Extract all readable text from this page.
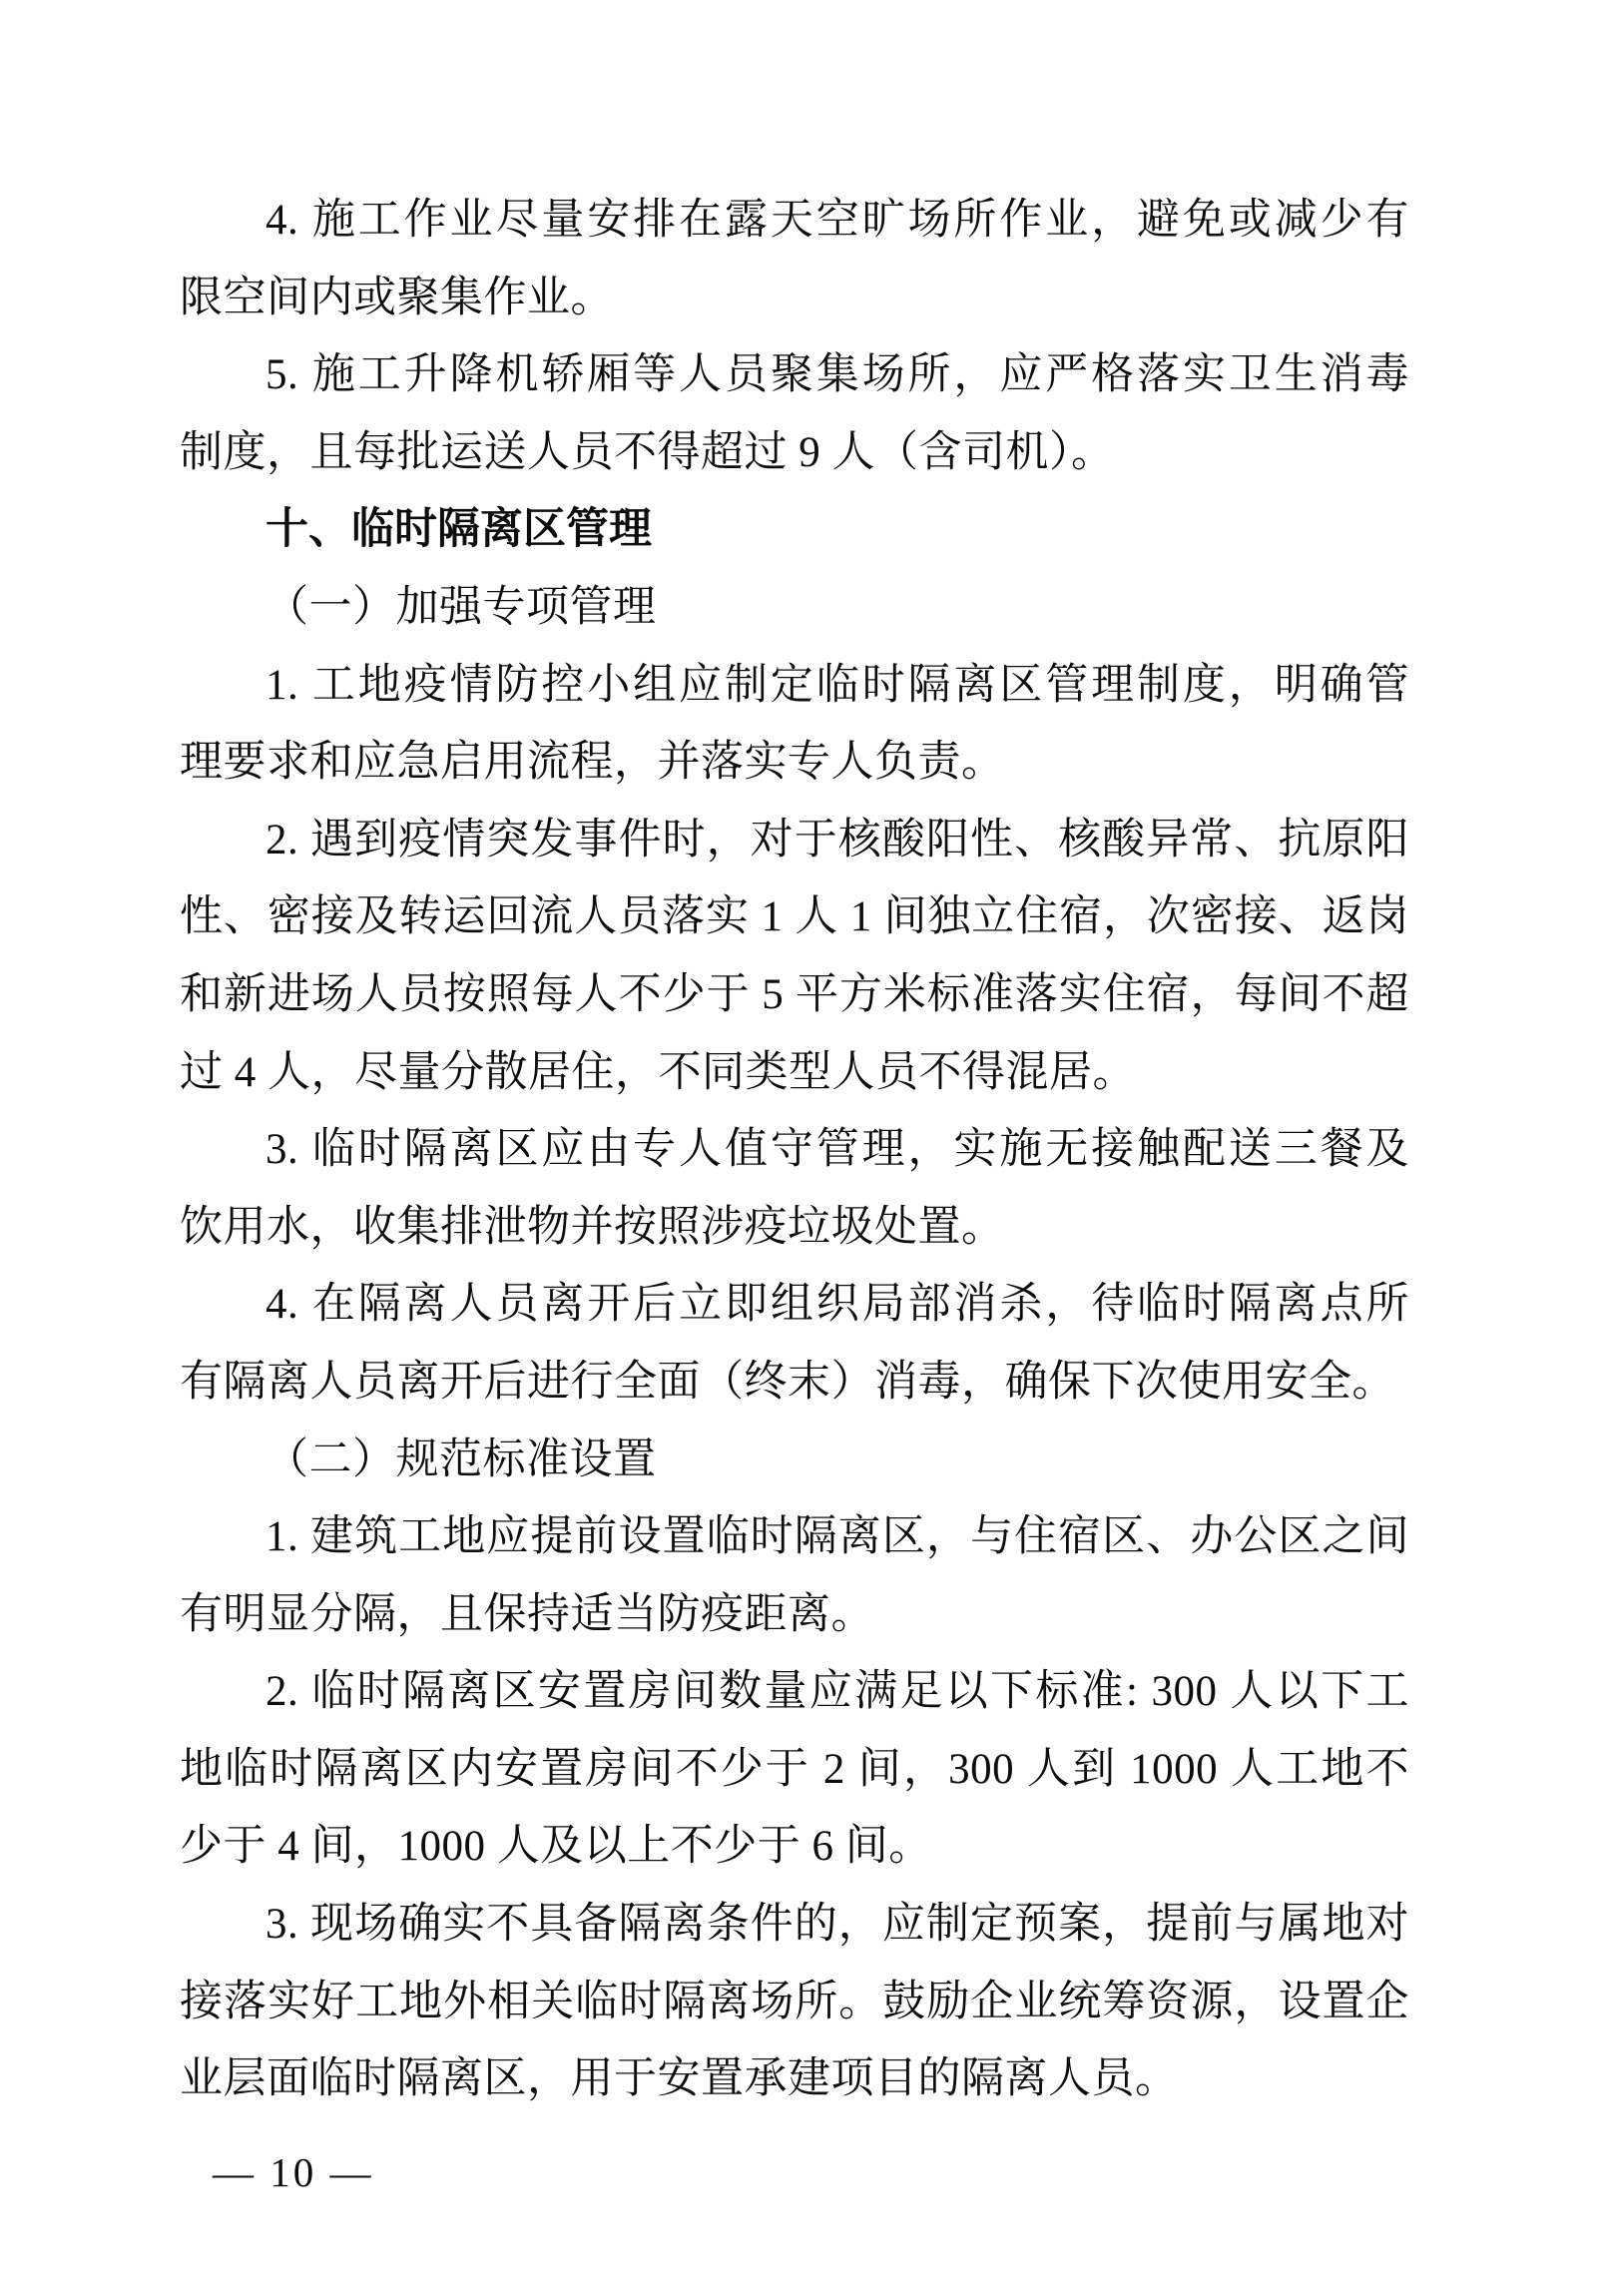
4. 施工作业尽量安排在露天空旷场所作业，避免或减少有
限空间内或聚集作业。
5. 施工升降机轿厢等人员聚集场所，应严格落实卫生消毒
制度，且每批运送人员不得超过 9 人（含司机）。
十、临时隔离区管理
（一）加强专项管理
1. 工地疫情防控小组应制定临时隔离区管理制度，明确管
理要求和应急启用流程，并落实专人负责。
2. 遇到疫情突发事件时，对于核酸阳性、核酸异常、抗原阳
性、密接及转运回流人员落实 1 人 1 间独立住宿，次密接、返岗
和新进场人员按照每人不少于 5 平方米标准落实住宿，每间不超
过 4 人，尽量分散居住，不同类型人员不得混居。
3. 临时隔离区应由专人值守管理，实施无接触配送三餐及
饮用水，收集排泄物并按照涉疫垃圾处置。
4. 在隔离人员离开后立即组织局部消杀，待临时隔离点所
有隔离人员离开后进行全面（终末）消毒，确保下次使用安全。
（二）规范标准设置
1. 建筑工地应提前设置临时隔离区，与住宿区、办公区之间
有明显分隔，且保持适当防疫距离。
2. 临时隔离区安置房间数量应满足以下标准: 300 人以下工
地临时隔离区内安置房间不少于 2 间，300 人到 1000 人工地不
少于 4 间，1000 人及以上不少于 6 间。
3. 现场确实不具备隔离条件的，应制定预案，提前与属地对
接落实好工地外相关临时隔离场所。鼓励企业统筹资源，设置企
业层面临时隔离区，用于安置承建项目的隔离人员。
— 10 —
